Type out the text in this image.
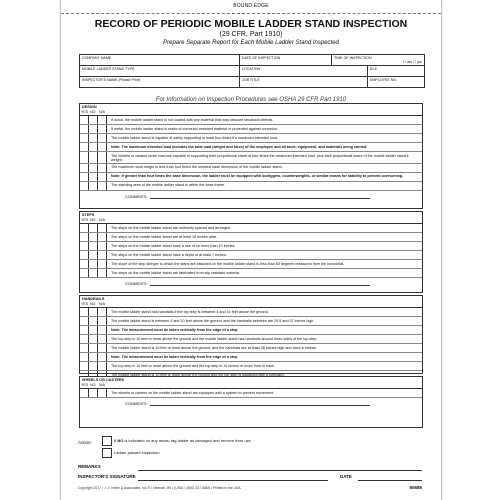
BOUND EDGE
RECORD OF PERIODIC MOBILE LADDER STAND INSPECTION
(29 CFR, Part 1910)
Prepare Separate Report for Each Mobile Ladder Stand Inspected
COMPANY NAME	DATE OF INSPECTION	TIME OF INSPECTION
☐ am ☐ pm
MOBILE LADDER STAND TYPE	LOCATION	ID #
INSPECTOR'S NAME (Please Print)	JOB TITLE	EMPLOYEE NO.
For Information on Inspection Procedures see OSHA 29 CFR Part 1910
DESIGN
YES NO	N/A
If wood, the mobile ladder stand is not coated with any material that may obscure structural defects.
If metal, the mobile ladder stand is made of corrosion-resistant material or protected against corrosion.
The mobile ladder stand is capable of safely supporting at least four times it's maximum intended load.
Note: The maximum intended load includes the total load (weight and force) of the employee and all tools, equipment, and materials being carried.
The wheels or casters under load are capable of supporting their proportional share of four times the maximum intended load, plus their proportional share of the mobile ladder stand's weight.
The maximum work height is less than four times the shortest base dimension of the mobile ladder stand.
Note: If greater than four times the base dimension, the ladder must be equipped with outriggers, counterweights, or similar means for stability to prevent overturning.
The standing area of the mobile ladder stand is within the base frame.
COMMENTS:
STEPS
YES NO	N/A
The steps on the mobile ladder stand are uniformly spaced and arranged.
The steps on the mobile ladder stand are at least 16 inches wide.
The steps on the mobile ladder stand have a rise of no more than 10 inches.
The steps on the mobile ladder stand have a depth of at least 7 inches.
The slope of the step stringer to which the steps are attached on the mobile ladder stand is less than 60 degrees measured from the horizontal.
The steps on the mobile ladder stand are fabricated from slip resistant material.
COMMENTS:
HANDRAILS
YES NO	N/A
The mobile ladder stand has handrails if the top step is between 4 and 10 feet above the ground.
The mobile ladder stand is between 4 and 10 feet above the ground, and the handrails between are 29.5 and 37 inches high.
Note: The measurement must be taken vertically from the edge of a step.
The top step is 10 feet or more above the ground and the mobile ladder stand has handrails around three sides of the top step.
The mobile ladder stand is 10 feet or more above the ground, and the handrails are at least 36 inches high and have a midrail.
Note: The measurement must be taken vertically from the edge of a step.
The top step is 10 feet or more above the ground and the top step is 10 inches or more from to back.
The mobile ladder stand is 10 feet or more above the ground and the top step is equipped with a toeboard.
WHEELS OR CASTERS
YES NO	N/A
The wheels or casters on the mobile ladder stand are equipped with a system to prevent movement.
COMMENTS:
Action:	If NO is indicated on any areas, tag ladder as damaged and remove from use
Ladder passed inspection
REMARKS
INSPECTOR'S SIGNATURE	DATE
Copyright 2017 • J. J. Keller & Associates, Inc.® • Neenah, WI • (USA) • (800) 327-6868 • Printed in the USA	50685
